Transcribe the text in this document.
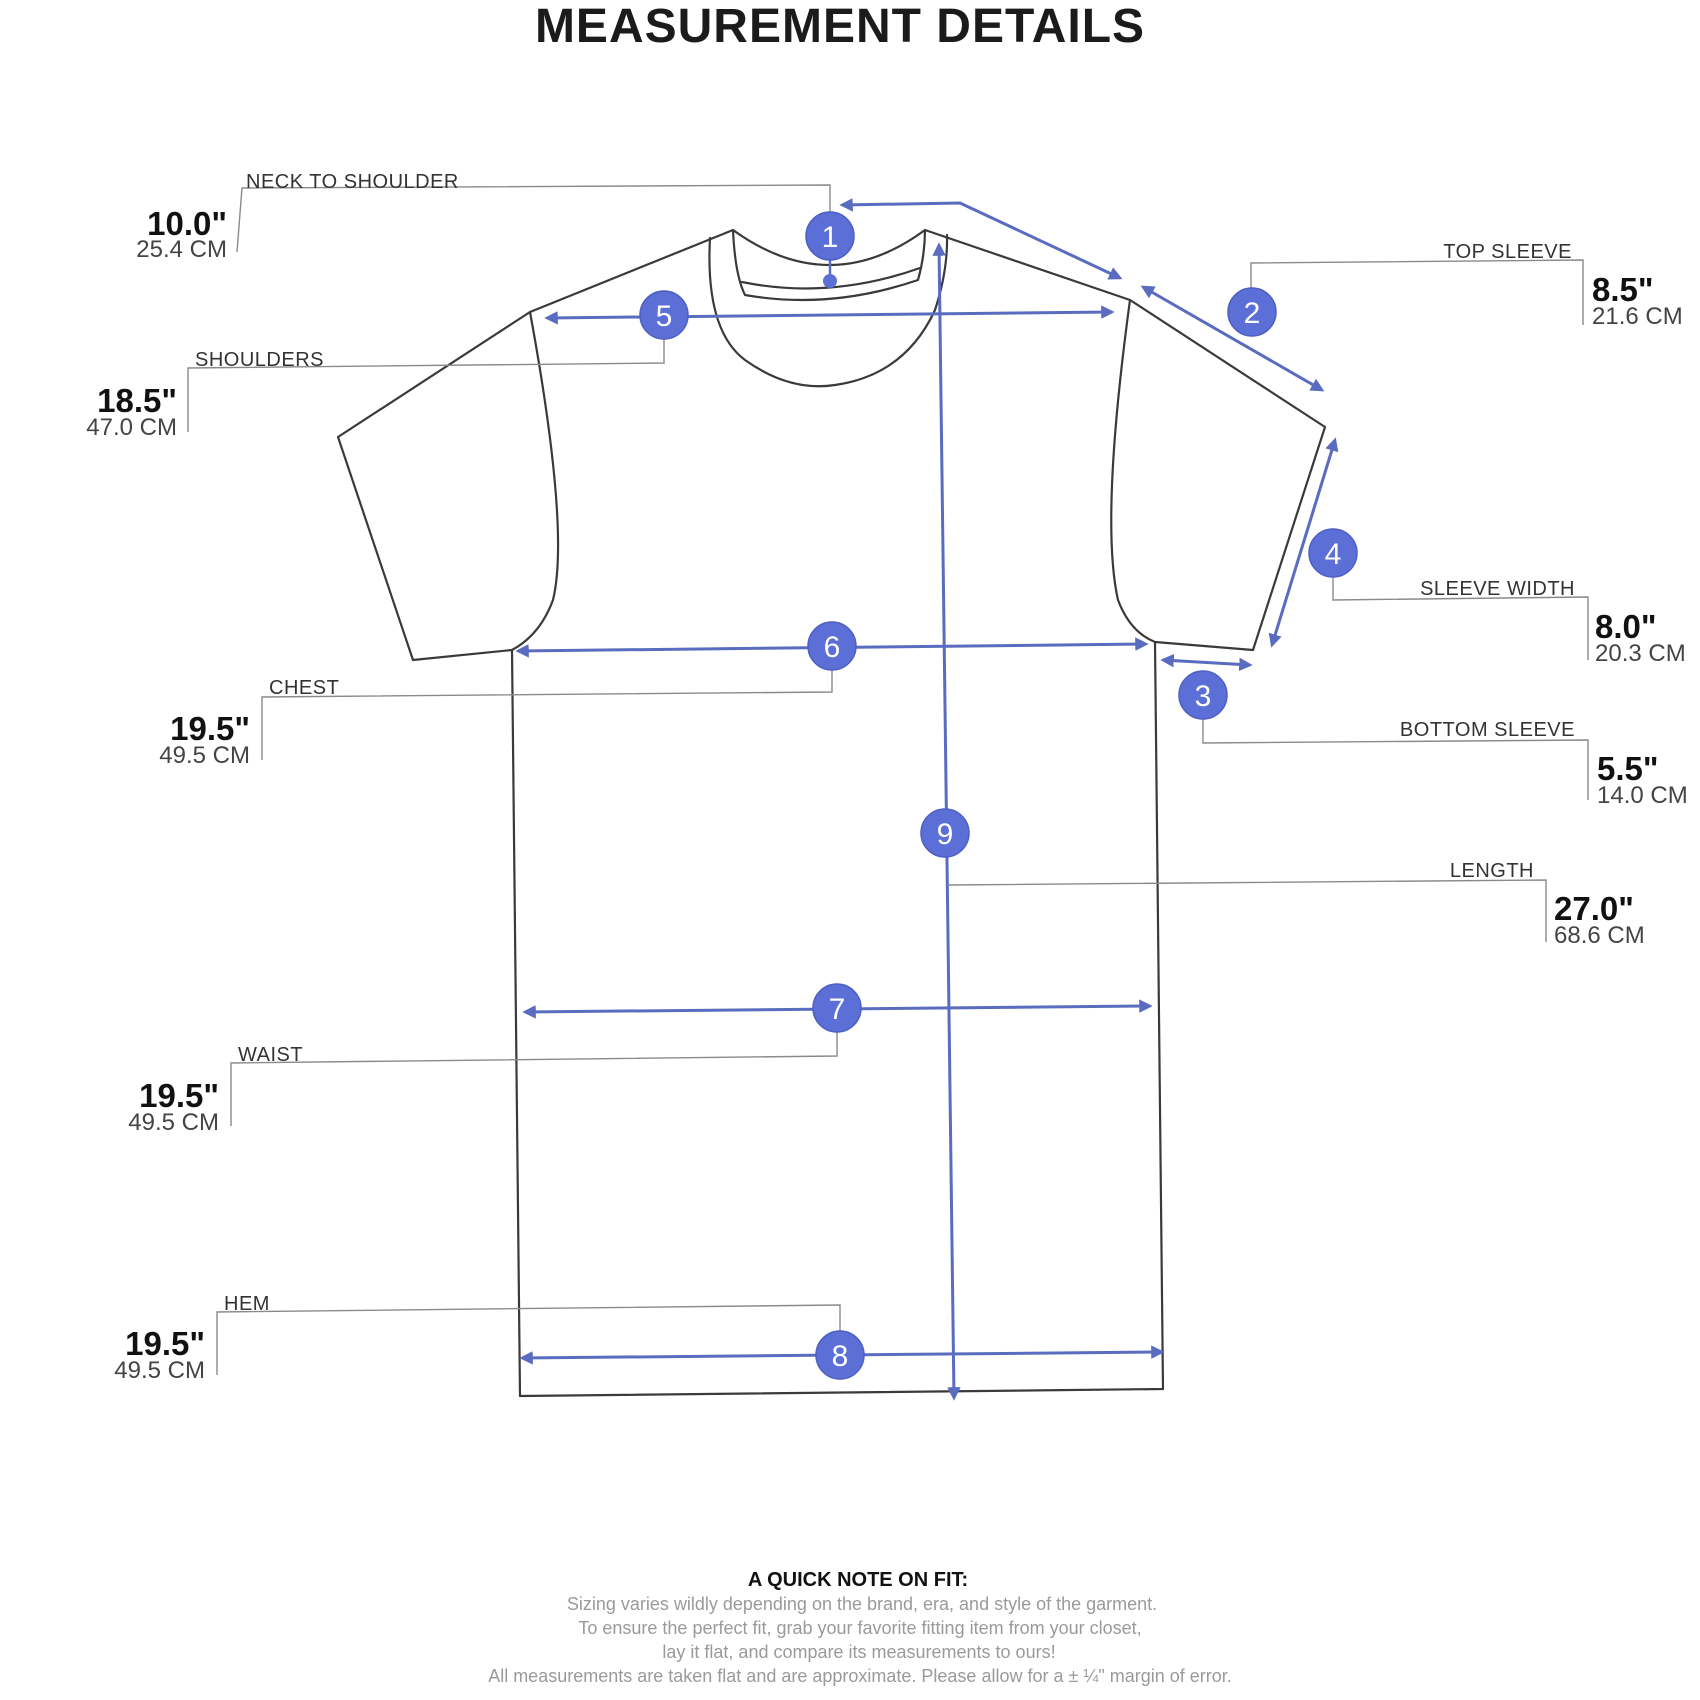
MEASUREMENT DETAILS
1
2
3
4
5
6
7
8
9
NECK TO SHOULDER
10.0"
25.4 CM	TOP SLEEVE
8.5"
21.6 CM
SLEEVE WIDTH
8.0"
20.3 CM
BOTTOM SLEEVE
5.5"
14.0 CM
SHOULDERS
18.5"
47.0 CM
CHEST
19.5"
49.5 CM
WAIST
19.5"
49.5 CM
HEM
19.5"
49.5 CM
LENGTH
27.0"
68.6 CM
A QUICK NOTE ON FIT:
Sizing varies wildly depending on the brand, era, and style of the garment.
To ensure the perfect fit, grab your favorite fitting item from your closet,
lay it flat, and compare its measurements to ours!
All measurements are taken flat and are approximate. Please allow for a ± ¼" margin of error.
